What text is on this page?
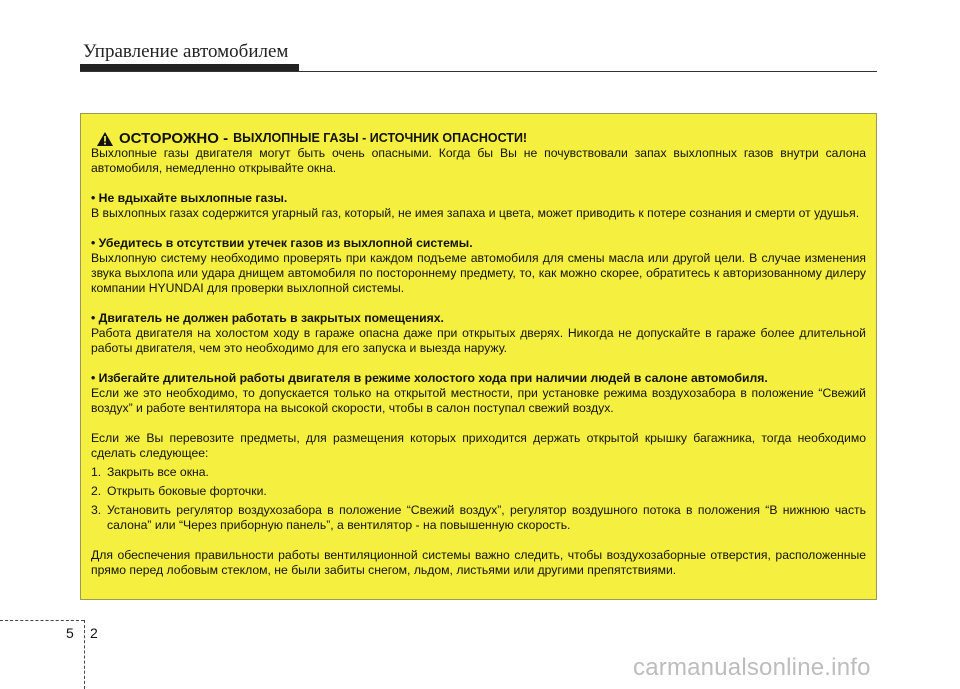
Управление автомобилем
ОСТОРОЖНО - ВЫХЛОПНЫЕ ГАЗЫ - ИСТОЧНИК ОПАСНОСТИ!

Выхлопные газы двигателя могут быть очень опасными. Когда бы Вы не почувствовали запах выхлопных газов внутри салона автомобиля, немедленно открывайте окна.

• Не вдыхайте выхлопные газы.

В выхлопных газах содержится угарный газ, который, не имея запаха и цвета, может приводить к потере сознания и смерти от удушья.

• Убедитесь в отсутствии утечек газов из выхлопной системы.

Выхлопную систему необходимо проверять при каждом подъеме автомобиля для смены масла или другой цели. В случае изменения звука выхлопа или удара днищем автомобиля по постороннему предмету, то, как можно скорее, обратитесь к авторизованному дилеру компании HYUNDAI для проверки выхлопной системы.

• Двигатель не должен работать в закрытых помещениях.

Работа двигателя на холостом ходу в гараже опасна даже при открытых дверях. Никогда не допускайте в гараже более длительной работы двигателя, чем это необходимо для его запуска и выезда наружу.

• Избегайте длительной работы двигателя в режиме холостого хода при наличии людей в салоне автомобиля.

Если же это необходимо, то допускается только на открытой местности, при установке режима воздухозабора в положение “Свежий воздух” и работе вентилятора на высокой скорости, чтобы в салон поступал свежий воздух.

Если же Вы перевозите предметы, для размещения которых приходится держать открытой крышку багажника, тогда необходимо сделать следующее:

1. Закрыть все окна.
2. Открыть боковые форточки.
3. Установить регулятор воздухозабора в положение “Свежий воздух”, регулятор воздушного потока в положения “В нижнюю часть салона” или “Через приборную панель”, а вентилятор - на повышенную скорость.

Для обеспечения правильности работы вентиляционной системы важно следить, чтобы воздухозаборные отверстия, расположенные прямо перед лобовым стеклом, не были забиты снегом, льдом, листьями или другими препятствиями.

5 2
carmanualsonline.info
